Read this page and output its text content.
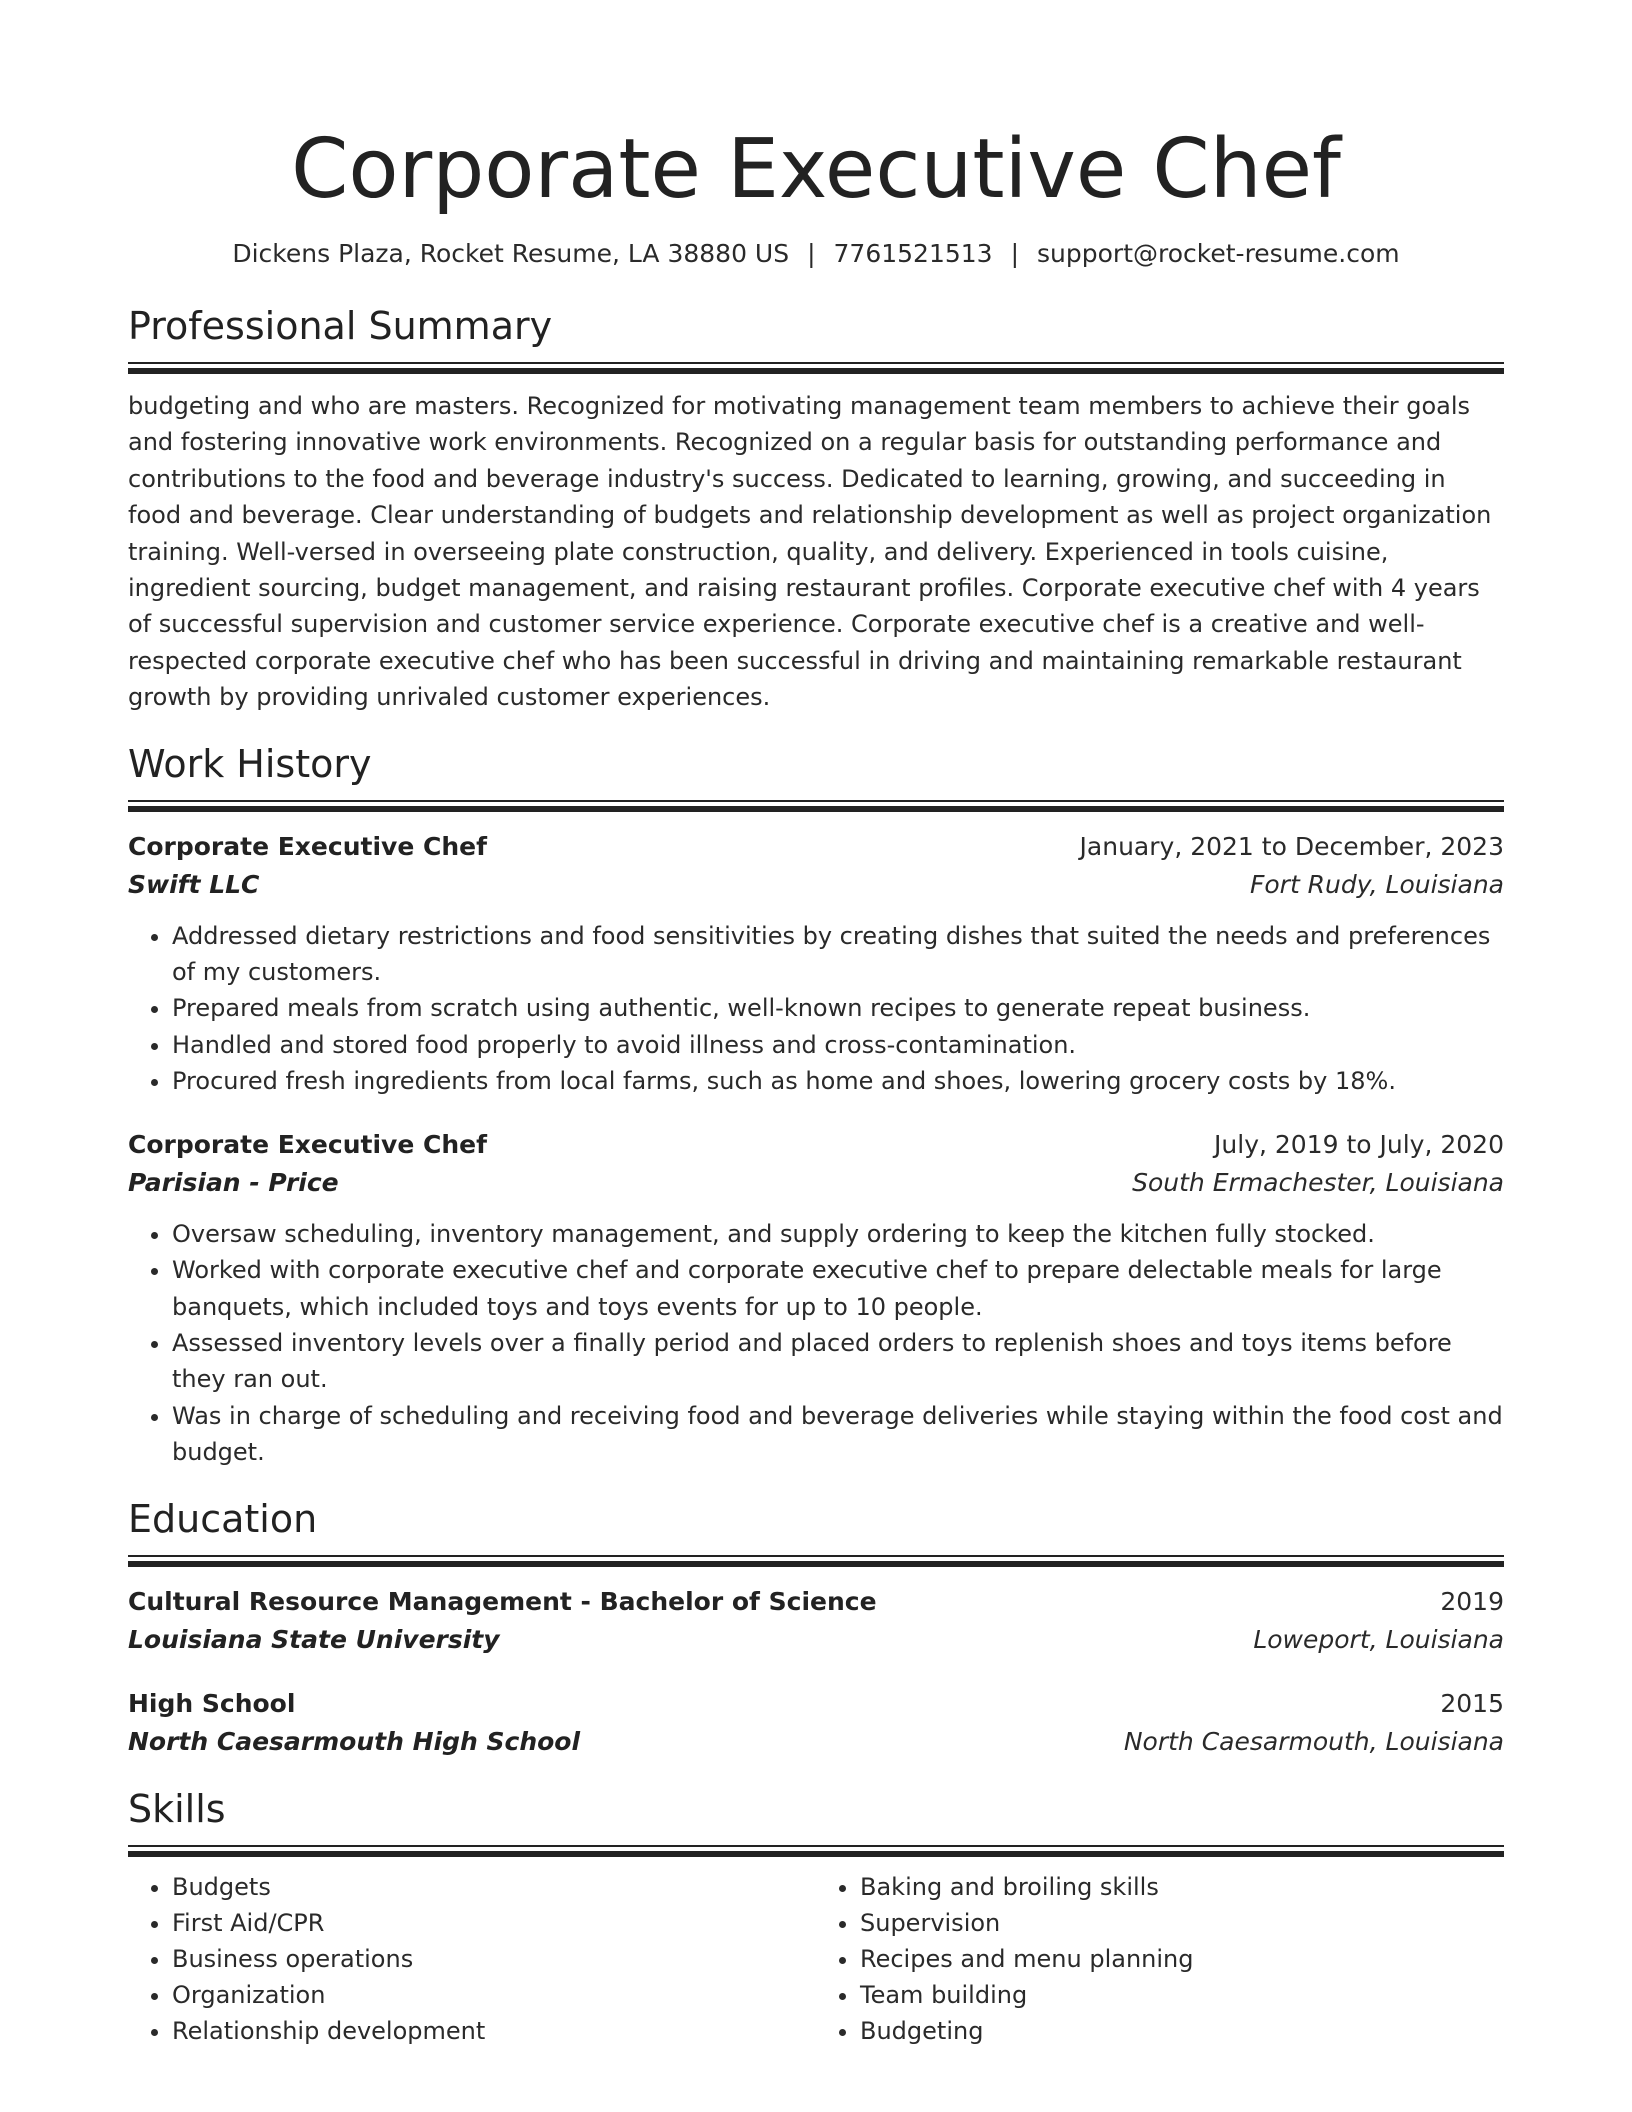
Corporate Executive Chef
Dickens Plaza, Rocket Resume, LA 38880 US | 7761521513 | support@rocket-resume.com
Professional Summary
budgeting and who are masters. Recognized for motivating management team members to achieve their goals and fostering innovative work environments. Recognized on a regular basis for outstanding performance and contributions to the food and beverage industry's success. Dedicated to learning, growing, and succeeding in food and beverage. Clear understanding of budgets and relationship development as well as project organization training. Well-versed in overseeing plate construction, quality, and delivery. Experienced in tools cuisine, ingredient sourcing, budget management, and raising restaurant profiles. Corporate executive chef with 4 years of successful supervision and customer service experience. Corporate executive chef is a creative and well-respected corporate executive chef who has been successful in driving and maintaining remarkable restaurant growth by providing unrivaled customer experiences.
Work History
Corporate Executive Chef	January, 2021 to December, 2023
Swift LLC	Fort Rudy, Louisiana
• Addressed dietary restrictions and food sensitivities by creating dishes that suited the needs and preferences of my customers.
• Prepared meals from scratch using authentic, well-known recipes to generate repeat business.
• Handled and stored food properly to avoid illness and cross-contamination.
• Procured fresh ingredients from local farms, such as home and shoes, lowering grocery costs by 18%.
Corporate Executive Chef	July, 2019 to July, 2020
Parisian - Price	South Ermachester, Louisiana
• Oversaw scheduling, inventory management, and supply ordering to keep the kitchen fully stocked.
• Worked with corporate executive chef and corporate executive chef to prepare delectable meals for large banquets, which included toys and toys events for up to 10 people.
• Assessed inventory levels over a finally period and placed orders to replenish shoes and toys items before they ran out.
• Was in charge of scheduling and receiving food and beverage deliveries while staying within the food cost and budget.
Education
Cultural Resource Management - Bachelor of Science	2019
Louisiana State University	Loweport, Louisiana
High School	2015
North Caesarmouth High School	North Caesarmouth, Louisiana
Skills
• Budgets
• First Aid/CPR
• Business operations
• Organization
• Relationship development
• Baking and broiling skills
• Supervision
• Recipes and menu planning
• Team building
• Budgeting
